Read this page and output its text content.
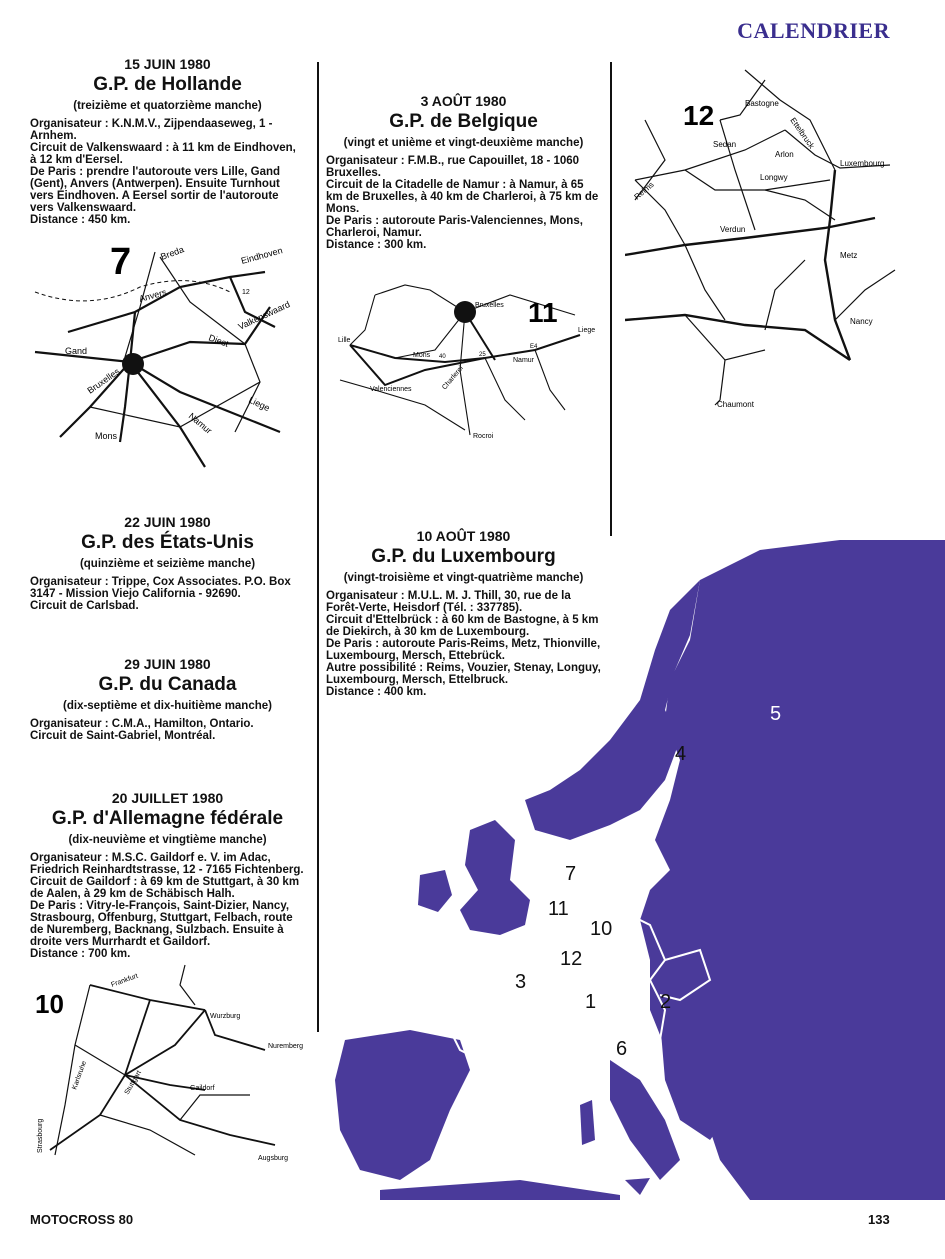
CALENDRIER
15 JUIN 1980
G.P. de Hollande
(treizième et quatorzième manche)
Organisateur : K.N.M.V., Zijpendaaseweg, 1 - Arnhem.
Circuit de Valkenswaard : à 11 km de Eindhoven, à 12 km d'Eersel.
De Paris : prendre l'autoroute vers Lille, Gand (Gent), Anvers (Antwerpen). Ensuite Turnhout vers Eindhoven. A Eersel sortir de l'autoroute vers Valkenswaard.
Distance : 450 km.
7	Breda	Eindhoven
Anvers	12
Valkenswaard
Diest
Gand
Bruxelles
Liege
Namur
Mons
22 JUIN 1980
G.P. des États-Unis
(quinzième et seizième manche)
Organisateur : Trippe, Cox Associates. P.O. Box 3147 - Mission Viejo California - 92690.
Circuit de Carlsbad.
29 JUIN 1980
G.P. du Canada
(dix-septième et dix-huitième manche)
Organisateur : C.M.A., Hamilton, Ontario.
Circuit de Saint-Gabriel, Montréal.
20 JUILLET 1980
G.P. d'Allemagne fédérale
(dix-neuvième et vingtième manche)
Organisateur : M.S.C. Gaildorf e. V. im Adac, Friedrich Reinhardtstrasse, 12 - 7165 Fichtenberg.
Circuit de Gaildorf : à 69 km de Stuttgart, à 30 km de Aalen, à 29 km de Schäbisch Halh.
De Paris : Vitry-le-François, Saint-Dizier, Nancy, Strasbourg, Offenburg, Stuttgart, Felbach, route de Nuremberg, Backnang, Sulzbach. Ensuite à droite vers Murrhardt et Gaildorf.
Distance : 700 km.
10
Frankfurt
Wurzburg
Nuremberg
Karlsruhe	Gaildorf
Stuttgart
Strasbourg
Augsburg
3 AOÛT 1980
G.P. de Belgique
(vingt et unième et vingt-deuxième manche)
Organisateur : F.M.B., rue Capouillet, 18 - 1060 Bruxelles.
Circuit de la Citadelle de Namur : à Namur, à 65 km de Bruxelles, à 40 km de Charleroi, à 75 km de Mons.
De Paris : autoroute Paris-Valenciennes, Mons, Charleroi, Namur.
Distance : 300 km.
11
Bruxelles
Liege
Lille
Mons 40	25
Namur
E4
Valenciennes	Charleroi
Rocroi
12	Bastogne
Ettelbruck
Sedan
Arlon
Luxembourg
Reims
Longwy
Verdun
Metz
Nancy
Chaumont
10 AOÛT 1980
G.P. du Luxembourg
(vingt-troisième et vingt-quatrième manche)
Organisateur : M.U.L. M. J. Thill, 30, rue de la Forêt-Verte, Heisdorf (Tél. : 337785).
Circuit d'Ettelbrück : à 60 km de Bastogne, à 5 km de Diekirch, à 30 km de Luxembourg.
De Paris : autoroute Paris-Reims, Metz, Thionville, Luxembourg, Mersch, Ettebrück.
Autre possibilité : Reims, Vouzier, Stenay, Longuy, Luxembourg, Mersch, Ettelbruck.
Distance : 400 km.
5
4
7
11
10
12
3
1	2
6
MOTOCROSS 80	133
